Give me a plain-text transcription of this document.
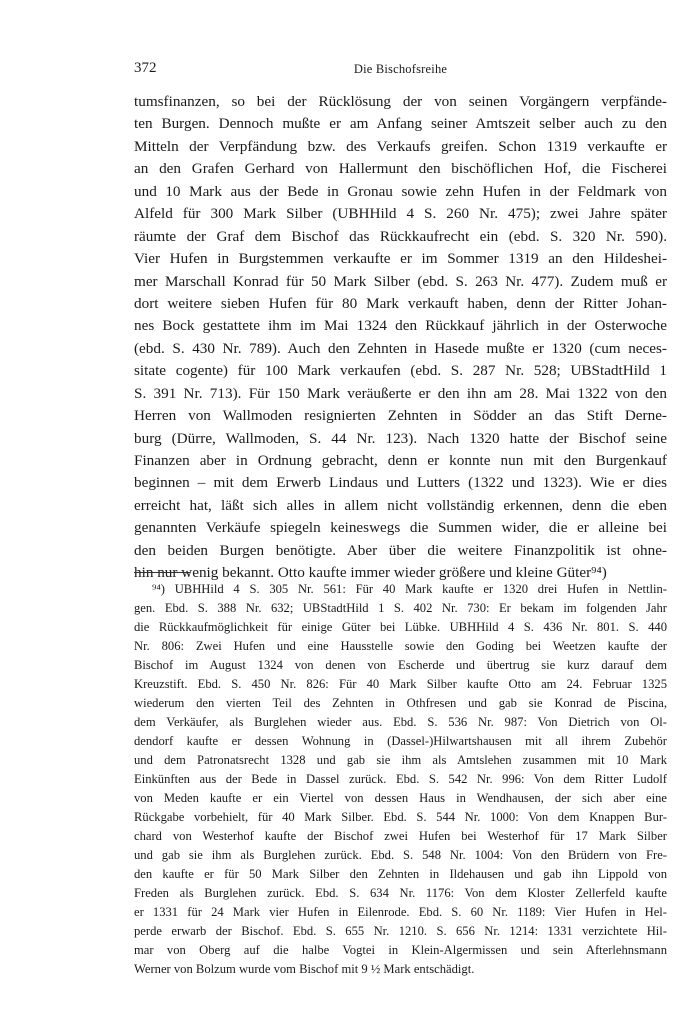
372	Die Bischofsreihe
tumsfinanzen, so bei der Rücklösung der von seinen Vorgängern verpfände-
ten Burgen. Dennoch mußte er am Anfang seiner Amtszeit selber auch zu den
Mitteln der Verpfändung bzw. des Verkaufs greifen. Schon 1319 verkaufte er
an den Grafen Gerhard von Hallermunt den bischöflichen Hof, die Fischerei
und 10 Mark aus der Bede in Gronau sowie zehn Hufen in der Feldmark von
Alfeld für 300 Mark Silber (UBHHild 4 S. 260 Nr. 475); zwei Jahre später
räumte der Graf dem Bischof das Rückkaufrecht ein (ebd. S. 320 Nr. 590).
Vier Hufen in Burgstemmen verkaufte er im Sommer 1319 an den Hildeshei-
mer Marschall Konrad für 50 Mark Silber (ebd. S. 263 Nr. 477). Zudem muß er
dort weitere sieben Hufen für 80 Mark verkauft haben, denn der Ritter Johan-
nes Bock gestattete ihm im Mai 1324 den Rückkauf jährlich in der Osterwoche
(ebd. S. 430 Nr. 789). Auch den Zehnten in Hasede mußte er 1320 (cum neces-
sitate cogente) für 100 Mark verkaufen (ebd. S. 287 Nr. 528; UBStadtHild 1
S. 391 Nr. 713). Für 150 Mark veräußerte er den ihn am 28. Mai 1322 von den
Herren von Wallmoden resignierten Zehnten in Södder an das Stift Derne-
burg (Dürre, Wallmoden, S. 44 Nr. 123). Nach 1320 hatte der Bischof seine
Finanzen aber in Ordnung gebracht, denn er konnte nun mit den Burgenkauf
beginnen – mit dem Erwerb Lindaus und Lutters (1322 und 1323). Wie er dies
erreicht hat, läßt sich alles in allem nicht vollständig erkennen, denn die eben
genannten Verkäufe spiegeln keineswegs die Summen wider, die er alleine bei
den beiden Burgen benötigte. Aber über die weitere Finanzpolitik ist ohne-
hin nur wenig bekannt. Otto kaufte immer wieder größere und kleine Güter⁹⁴)
⁹⁴) UBHHild 4 S. 305 Nr. 561: Für 40 Mark kaufte er 1320 drei Hufen in Nettlin-
gen. Ebd. S. 388 Nr. 632; UBStadtHild 1 S. 402 Nr. 730: Er bekam im folgenden Jahr
die Rückkaufmöglichkeit für einige Güter bei Lübke. UBHHild 4 S. 436 Nr. 801. S. 440
Nr. 806: Zwei Hufen und eine Hausstelle sowie den Goding bei Weetzen kaufte der
Bischof im August 1324 von denen von Escherde und übertrug sie kurz darauf dem
Kreuzstift. Ebd. S. 450 Nr. 826: Für 40 Mark Silber kaufte Otto am 24. Februar 1325
wiederum den vierten Teil des Zehnten in Othfresen und gab sie Konrad de Piscina,
dem Verkäufer, als Burglehen wieder aus. Ebd. S. 536 Nr. 987: Von Dietrich von Ol-
dendorf kaufte er dessen Wohnung in (Dassel-)Hilwartshausen mit all ihrem Zubehör
und dem Patronatsrecht 1328 und gab sie ihm als Amtslehen zusammen mit 10 Mark
Einkünften aus der Bede in Dassel zurück. Ebd. S. 542 Nr. 996: Von dem Ritter Ludolf
von Meden kaufte er ein Viertel von dessen Haus in Wendhausen, der sich aber eine
Rückgabe vorbehielt, für 40 Mark Silber. Ebd. S. 544 Nr. 1000: Von dem Knappen Bur-
chard von Westerhof kaufte der Bischof zwei Hufen bei Westerhof für 17 Mark Silber
und gab sie ihm als Burglehen zurück. Ebd. S. 548 Nr. 1004: Von den Brüdern von Fre-
den kaufte er für 50 Mark Silber den Zehnten in Ildehausen und gab ihn Lippold von
Freden als Burglehen zurück. Ebd. S. 634 Nr. 1176: Von dem Kloster Zellerfeld kaufte
er 1331 für 24 Mark vier Hufen in Eilenrode. Ebd. S. 60 Nr. 1189: Vier Hufen in Hel-
perde erwarb der Bischof. Ebd. S. 655 Nr. 1210. S. 656 Nr. 1214: 1331 verzichtete Hil-
mar von Oberg auf die halbe Vogtei in Klein-Algermissen und sein Afterlehnsmann
Werner von Bolzum wurde vom Bischof mit 9 ½ Mark entschädigt.
